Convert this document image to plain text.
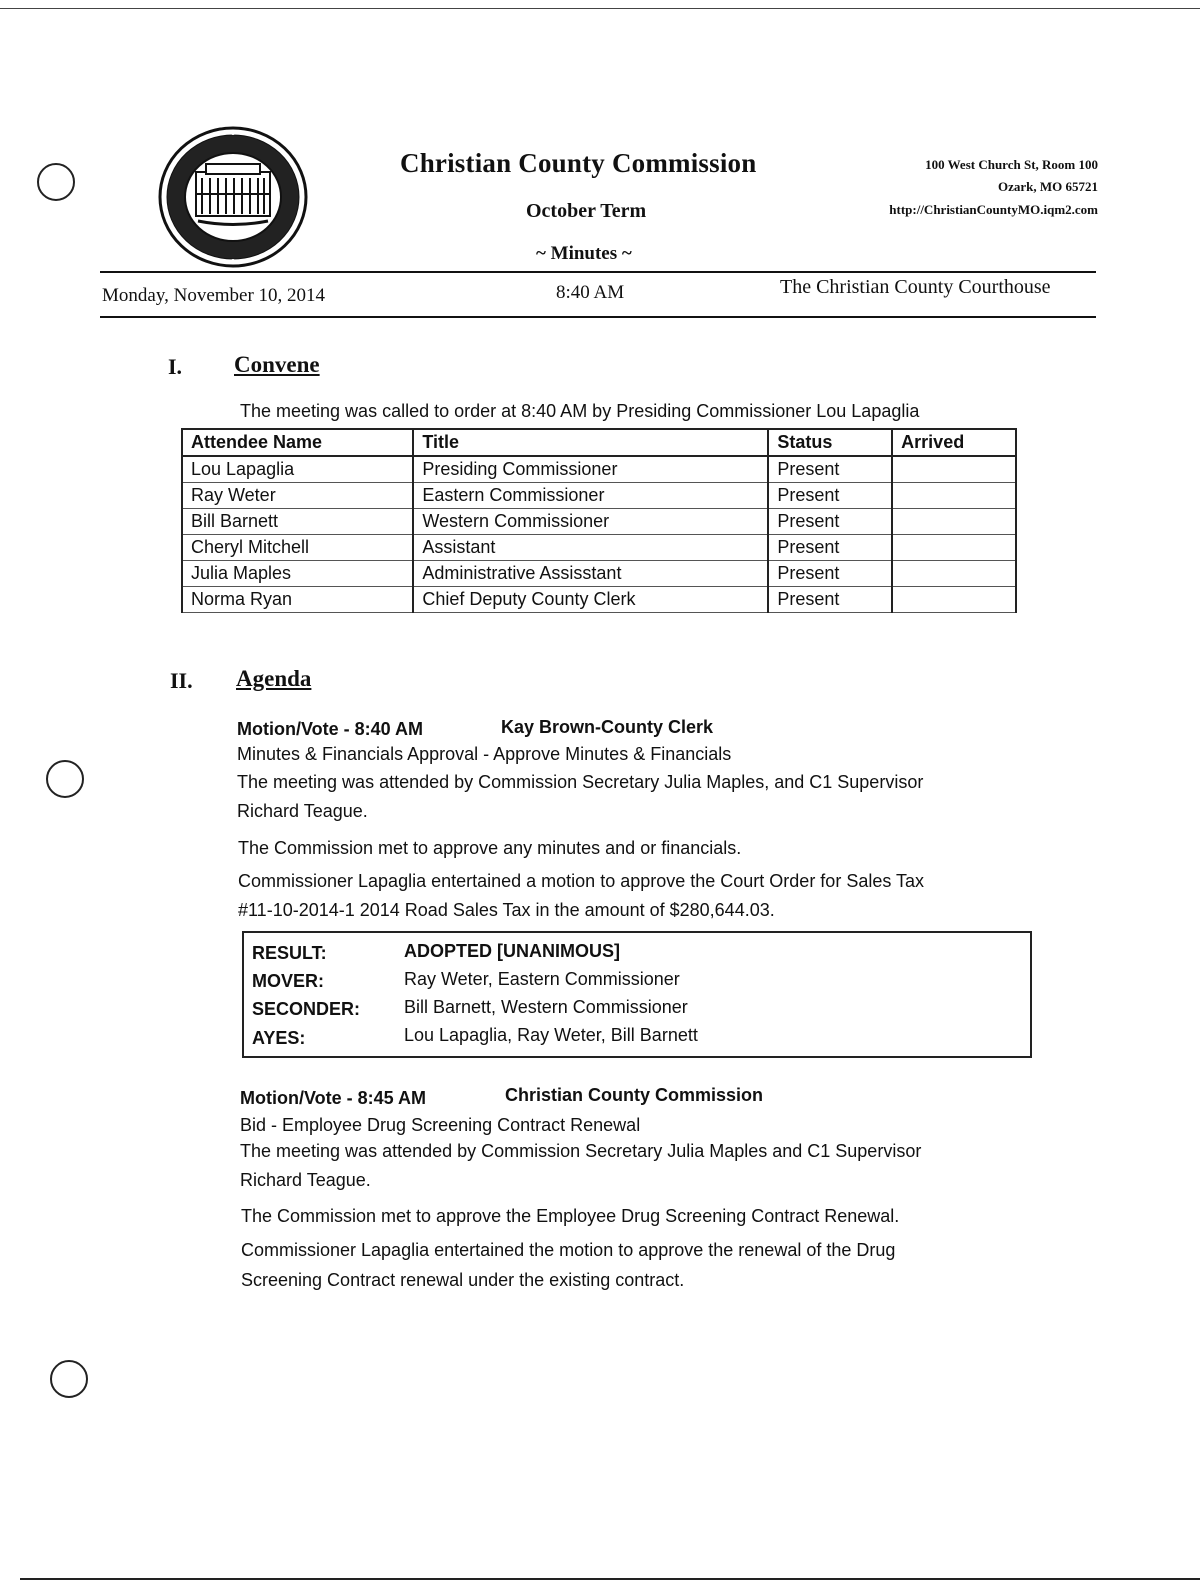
Christian County Commission
October Term
~ Minutes ~
100 West Church St, Room 100
Ozark, MO 65721
http://ChristianCountyMO.iqm2.com
Monday, November 10, 2014	8:40 AM	The Christian County Courthouse
I. Convene
The meeting was called to order at 8:40 AM by Presiding Commissioner Lou Lapaglia
Attendee Name	Title	Status	Arrived
Lou Lapaglia	Presiding Commissioner	Present	
Ray Weter	Eastern Commissioner	Present	
Bill Barnett	Western Commissioner	Present	
Cheryl Mitchell	Assistant	Present	
Julia Maples	Administrative Assisstant	Present	
Norma Ryan	Chief Deputy County Clerk	Present	
II. Agenda
Motion/Vote - 8:40 AM	Kay Brown-County Clerk
Minutes & Financials Approval - Approve Minutes & Financials
The meeting was attended by Commission Secretary Julia Maples, and C1 Supervisor
Richard Teague.
The Commission met to approve any minutes and or financials.
Commissioner Lapaglia entertained a motion to approve the Court Order for Sales Tax
#11-10-2014-1 2014 Road Sales Tax in the amount of $280,644.03.
RESULT:	ADOPTED [UNANIMOUS]
MOVER:	Ray Weter, Eastern Commissioner
SECONDER: Bill Barnett, Western Commissioner
AYES:	Lou Lapaglia, Ray Weter, Bill Barnett
Motion/Vote - 8:45 AM	Christian County Commission
Bid - Employee Drug Screening Contract Renewal
The meeting was attended by Commission Secretary Julia Maples and C1 Supervisor
Richard Teague.
The Commission met to approve the Employee Drug Screening Contract Renewal.
Commissioner Lapaglia entertained the motion to approve the renewal of the Drug
Screening Contract renewal under the existing contract.
